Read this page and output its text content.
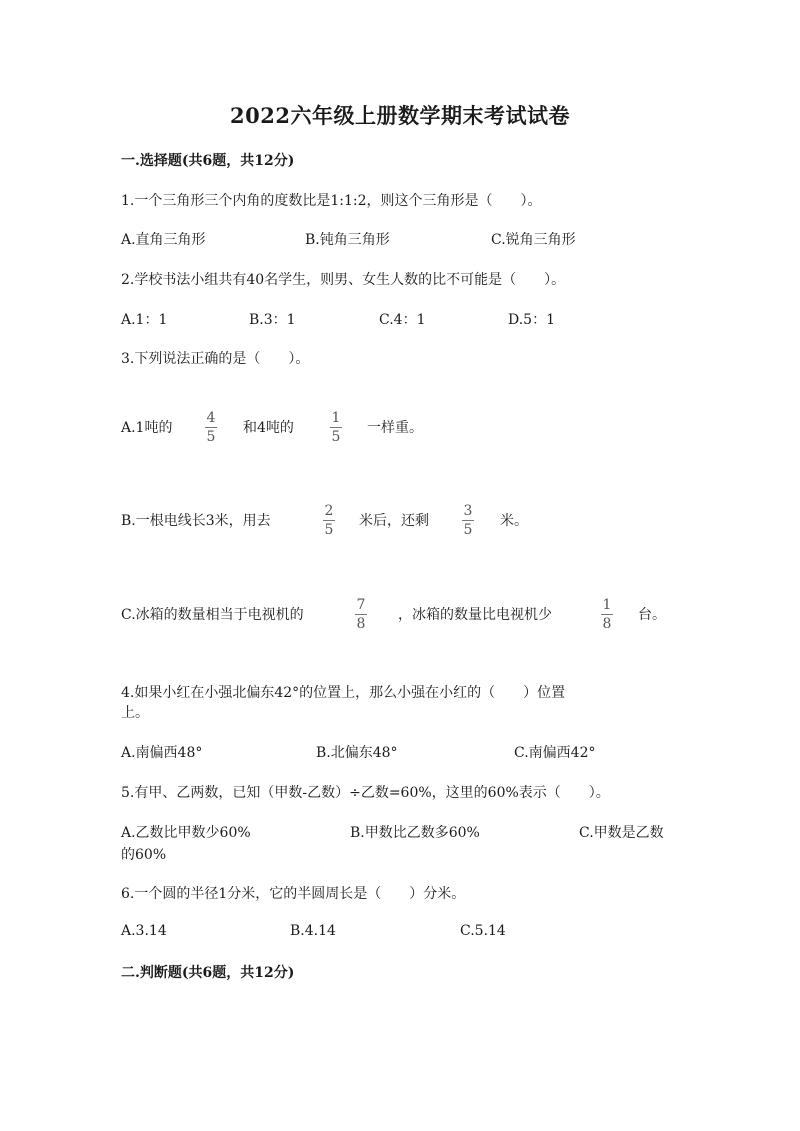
2022六年级上册数学期末考试试卷
一.选择题(共6题，共12分)
1.一个三角形三个内角的度数比是1:1:2，则这个三角形是（　　）。
A.直角三角形	B.钝角三角形	C.锐角三角形
2.学校书法小组共有40名学生，则男、女生人数的比不可能是（　　）。
A.1：1	B.3：1	C.4：1	D.5：1
3.下列说法正确的是（　　）。
A.1吨的
4
5
和4吨的
1
5
一样重。
B.一根电线长3米，用去
2
5
米后，还剩
3
5
米。
C.冰箱的数量相当于电视机的
7
8
，冰箱的数量比电视机少
1
8
台。
4.如果小红在小强北偏东42°的位置上，那么小强在小红的（　　）位置
上。
A.南偏西48°	B.北偏东48°	C.南偏西42°
5.有甲、乙两数，已知（甲数-乙数）÷乙数=60%，这里的60%表示（　　）。
A.乙数比甲数少60%	B.甲数比乙数多60%	C.甲数是乙数
的60%
6.一个圆的半径1分米，它的半圆周长是（　　）分米。
A.3.14	B.4.14	C.5.14
二.判断题(共6题，共12分)
